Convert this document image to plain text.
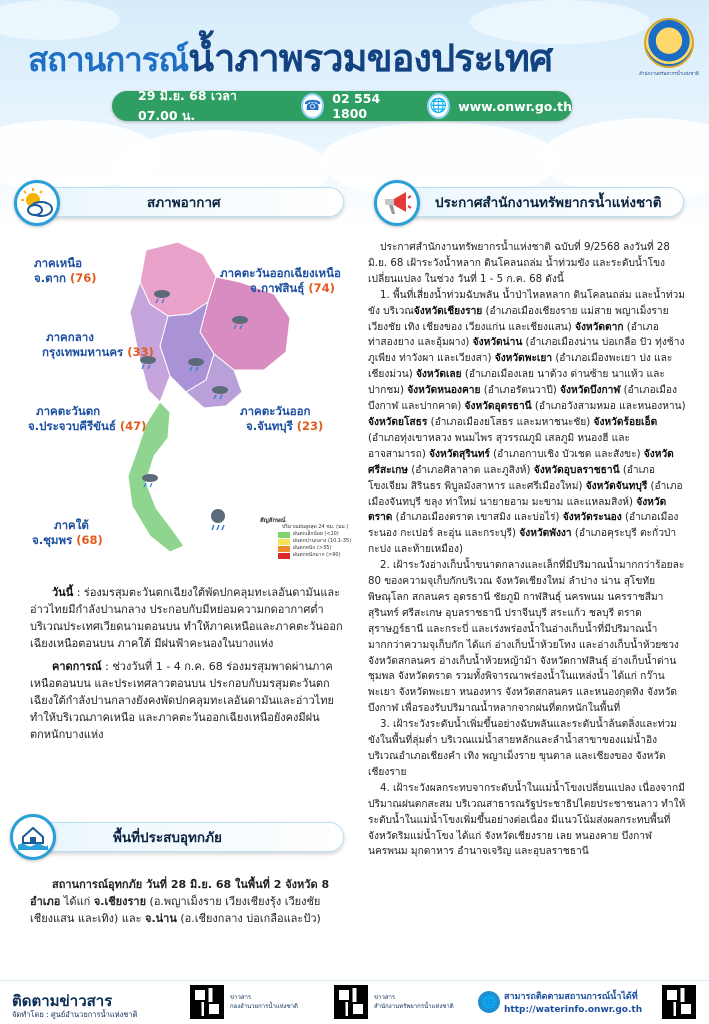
สถานการณ์น้ำภาพรวมของประเทศ	สำนักงานทรัพยากรน้ำแห่งชาติ
29 มิ.ย. 68 เวลา 07.00 น.
☎ 02 554 1800	🌐 www.onwr.go.th
สภาพอากาศ	ประกาศสำนักงานทรัพยากรน้ำแห่งชาติ
ภาคเหนือ
จ.ตาก (76)	ภาคตะวันออกเฉียงเหนือ
จ.กาฬสินธุ์ (74)
ภาคกลาง
กรุงเทพมหานคร (33)
ภาคตะวันตก
จ.ประจวบคีรีขันธ์ (47)
ภาคตะวันออก
จ.จันทบุรี (23)
ภาคใต้
จ.ชุมพร (68)
สัญลักษณ์
ปริมาณฝนสูงสุด 24 ชม. (มม.)
ฝนตกเล็กน้อย (<10)
ฝนตกปานกลาง (10.1-35)
ฝนตกหนัก (>35)
ฝนตกหนักมาก (>90)

วันนี้ : ร่องมรสุมตะวันตกเฉียงใต้พัดปกคลุมทะเลอันดามันและอ่าวไทยมีกำลังปานกลาง ประกอบกับมีหย่อมความกดอากาศต่ำบริเวณประเทศเวียดนามตอนบน ทำให้ภาคเหนือและภาคตะวันออกเฉียงเหนือตอนบน ภาคใต้ มีฝนฟ้าคะนองในบางแห่ง

คาดการณ์ : ช่วงวันที่ 1 - 4 ก.ค. 68 ร่องมรสุมพาดผ่านภาคเหนือตอนบน และประเทศลาวตอนบน ประกอบกับมรสุมตะวันตกเฉียงใต้กำลังปานกลางยังคงพัดปกคลุมทะเลอันดามันและอ่าวไทย ทำให้บริเวณภาคเหนือ และภาคตะวันออกเฉียงเหนือยังคงมีฝนตกหนักบางแห่ง

พื้นที่ประสบอุทกภัย

สถานการณ์อุทกภัย วันที่ 28 มิ.ย. 68 ในพื้นที่ 2 จังหวัด 8 อำเภอ ได้แก่ จ.เชียงราย (อ.พญาเม็งราย เวียงเชียงรุ้ง เวียงชัย เชียงแสน และเทิง) และ จ.น่าน (อ.เชียงกลาง บ่อเกลือและปัว)

ประกาศสำนักงานทรัพยากรน้ำแห่งชาติ ฉบับที่ 9/2568 ลงวันที่ 28 มิ.ย. 68 เฝ้าระวังน้ำหลาก ดินโคลนถล่ม น้ำท่วมขัง และระดับน้ำโขงเปลี่ยนแปลง ในช่วง วันที่ 1 - 5 ก.ค. 68 ดังนี้

1. พื้นที่เสี่ยงน้ำท่วมฉับพลัน น้ำป่าไหลหลาก ดินโคลนถล่ม และน้ำท่วมขัง บริเวณจังหวัดเชียงราย (อำเภอเมืองเชียงราย แม่สาย พญาเม็งราย เวียงชัย เทิง เชียงของ เวียงแก่น และเชียงแสน) จังหวัดตาก (อำเภอท่าสองยาง และอุ้มผาง) จังหวัดน่าน (อำเภอเมืองน่าน บ่อเกลือ ปัว ทุ่งช้าง ภูเพียง ท่าวังผา และเวียงสา) จังหวัดพะเยา (อำเภอเมืองพะเยา ปง และเชียงม่วน) จังหวัดเลย (อำเภอเมืองเลย นาด้วง ด่านซ้าย นาแห้ว และปากชม) จังหวัดหนองคาย (อำเภอรัตนวาปี) จังหวัดบึงกาฬ (อำเภอเมืองบึงกาฬ และปากคาด) จังหวัดอุดรธานี (อำเภอวังสามหมอ และหนองหาน) จังหวัดยโสธร (อำเภอเมืองยโสธร และมหาชนะชัย) จังหวัดร้อยเอ็ด (อำเภอทุ่งเขาหลวง พนมไพร สุวรรณภูมิ เสลภูมิ หนองฮี และอาจสามารถ) จังหวัดสุรินทร์ (อำเภอกาบเชิง บัวเชด และสังขะ) จังหวัดศรีสะเกษ (อำเภอศิลาลาด และภูสิงห์) จังหวัดอุบลราชธานี (อำเภอโขงเจียม สิรินธร พิบูลมังสาหาร และศรีเมืองใหม่) จังหวัดจันทบุรี (อำเภอเมืองจันทบุรี ขลุง ท่าใหม่ นายายอาม มะขาม และแหลมสิงห์) จังหวัดตราด (อำเภอเมืองตราด เขาสมิง และบ่อไร่) จังหวัดระนอง (อำเภอเมืองระนอง กะเปอร์ ละอุ่น และกระบุรี) จังหวัดพังงา (อำเภอคุระบุรี ตะกั่วป่า กะปง และท้ายเหมือง)

2. เฝ้าระวังอ่างเก็บน้ำขนาดกลางและเล็กที่มีปริมาณน้ำมากกว่าร้อยละ 80 ของความจุเก็บกักบริเวณ จังหวัดเชียงใหม่ ลำปาง น่าน สุโขทัย พิษณุโลก สกลนคร อุดรธานี ชัยภูมิ กาฬสินธุ์ นครพนม นครราชสีมา สุรินทร์ ศรีสะเกษ อุบลราชธานี ปราจีนบุรี สระแก้ว ชลบุรี ตราด สุราษฎร์ธานี และกระบี่ และเร่งพร่องน้ำในอ่างเก็บน้ำที่มีปริมาณน้ำมากกว่าความจุเก็บกัก ได้แก่ อ่างเก็บน้ำห้วยโทง และอ่างเก็บน้ำห้วยซวง จังหวัดสกลนคร อ่างเก็บน้ำห้วยหญ้าม้า จังหวัดกาฬสินธุ์ อ่างเก็บน้ำด่านชุมพล จังหวัดตราด รวมทั้งพิจารณาพร่องน้ำในแหล่งน้ำ ได้แก่ กว๊านพะเยา จังหวัดพะเยา หนองหาร จังหวัดสกลนคร และหนองกุดทิง จังหวัดบึงกาฬ เพื่อรองรับปริมาณน้ำหลากจากฝนที่ตกหนักในพื้นที่

3. เฝ้าระวังระดับน้ำเพิ่มขึ้นอย่างฉับพลันและระดับน้ำล้นตลิ่งและท่วมขังในพื้นที่ลุ่มต่ำ บริเวณแม่น้ำสายหลักและลำน้ำสาขาของแม่น้ำอิง บริเวณอำเภอเชียงคำ เทิง พญาเม็งราย ขุนตาล และเชียงของ จังหวัดเชียงราย

4. เฝ้าระวังผลกระทบจากระดับน้ำในแม่น้ำโขงเปลี่ยนแปลง เนื่องจากมีปริมาณฝนตกสะสม บริเวณสาธารณรัฐประชาธิปไตยประชาชนลาว ทำให้ระดับน้ำในแม่น้ำโขงเพิ่มขึ้นอย่างต่อเนื่อง มีแนวโน้มส่งผลกระทบพื้นที่จังหวัดริมแม่น้ำโขง ได้แก่ จังหวัดเชียงราย เลย หนองคาย บึงกาฬ นครพนม มุกดาหาร อำนาจเจริญ และอุบลราชธานี

ติดตามข่าวสาร
จัดทำโดย : ศูนย์อำนวยการน้ำแห่งชาติ
ข่าวสาร
กองอำนวยการน้ำแห่งชาติ
ข่าวสาร
สำนักงานทรัพยากรน้ำแห่งชาติ 🌐 สามารถติดตามสถานการณ์น้ำได้ที่
http://waterinfo.onwr.go.th
